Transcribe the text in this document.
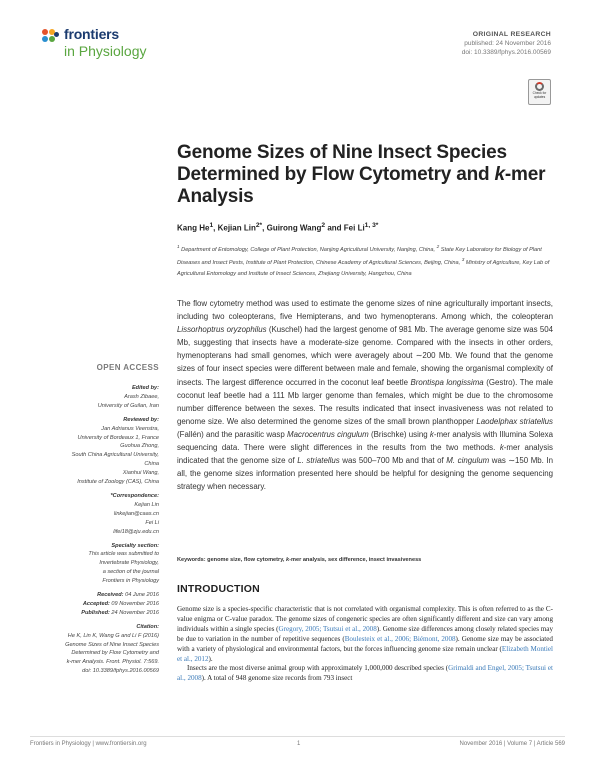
frontiers
in Physiology
ORIGINAL RESEARCH
published: 24 November 2016
doi: 10.3389/fphys.2016.00569
Check for updates
Genome Sizes of Nine Insect Species Determined by Flow Cytometry and k-mer Analysis
Kang He$^1$, Kejian Lin$^{2*}$, Guirong Wang$^2$ and Fei $Li^{1, 3*}$
$^1$ Department of Entomology, College of Plant Protection, Nanjing Agricultural University, Nanjing, China, $^2$ State Key Laboratory for Biology of Plant Diseases and Insect Pests, Institute of Plant Protection, Chinese Academy of Agricultural Sciences, Beijing, China, $^3$ Ministry of Agriculture, Key Lab of Agricultural Entomology and Institute of Insect Sciences, Zhejiang University, Hangzhou, China
The flow cytometry method was used to estimate the genome sizes of nine agriculturally important insects, including two coleopterans, five Hemipterans, and two hymenopterans. Among which, the coleopteran Lissorhoptrus oryzophilus (Kuschel) had the largest genome of 981 Mb. The average genome size was 504 Mb, suggesting that insects have a moderate-size genome. Compared with the insects in other orders, hymenopterans had small genomes, which were averagely about ∼200 Mb. We found that the genome sizes of four insect species were different between male and female, showing the organismal complexity of insects. The largest difference occurred in the coconut leaf beetle Brontispa longissima (Gestro). The male coconut leaf beetle had a 111 Mb larger genome than females, which might be due to the chromosome number difference between the sexes. The results indicated that insect invasiveness was not related to genome size. We also determined the genome sizes of the small brown planthopper Laodelphax striatellus (Fallén) and the parasitic wasp Macrocentrus cingulum (Brischke) using k-mer analysis with Illumina Solexa sequencing data. There were slight differences in the results from the two methods. k-mer analysis indicated that the genome size of L. striatellus was 500–700 Mb and that of M. cingulum was ∼150 Mb. In all, the genome sizes information presented here should be helpful for designing the genome sequencing strategy when necessary.
Keywords: genome size, flow cytometry, k-mer analysis, sex difference, insect invasiveness
INTRODUCTION

Genome size is a species-specific characteristic that is not correlated with organismal complexity. This is often referred to as the C-value enigma or C-value paradox. The genome sizes of congeneric species are often significantly different and size can vary among individuals within a single species (Gregory, 2005; Tsutsui et al., 2008). Genome size differences among closely related species may be due to variation in the number of repetitive sequences (Boulesteix et al., 2006; Biémont, 2008). Genome size may be associated with a variety of physiological and environmental factors, but the forces influencing genome size remain unclear (Elizabeth Montiel et al., 2012).

Insects are the most diverse animal group with approximately 1,000,000 described species (Grimaldi and Engel, 2005; Tsutsui et al., 2008). A total of 948 genome size records from 793 insect

OPEN ACCESS
Edited by:
Arash Zibaee,
University of Guilan, Iran
Reviewed by:
Jan Adrianus Veenstra,
University of Bordeaux 1, France
Guohua Zhong,
South China Agricultural University,
China
Xianhui Wang,
Institute of Zoology (CAS), China
*Correspondence:
Kejian Lin
linkejian@caas.cn
Fei Li
lifei18@zju.edu.cn
Specialty section:
This article was submitted to
Invertebrate Physiology,
a section of the journal
Frontiers in Physiology
Received: 04 June 2016
Accepted: 09 November 2016
Published: 24 November 2016
Citation:
He K, Lin K, Wang G and Li F (2016)
Genome Sizes of Nine Insect Species
Determined by Flow Cytometry and
k-mer Analysis. Front. Physiol. 7:569.
doi: 10.3389/fphys.2016.00569
Frontiers in Physiology | www.frontiersin.org	1	November 2016 | Volume 7 | Article 569
